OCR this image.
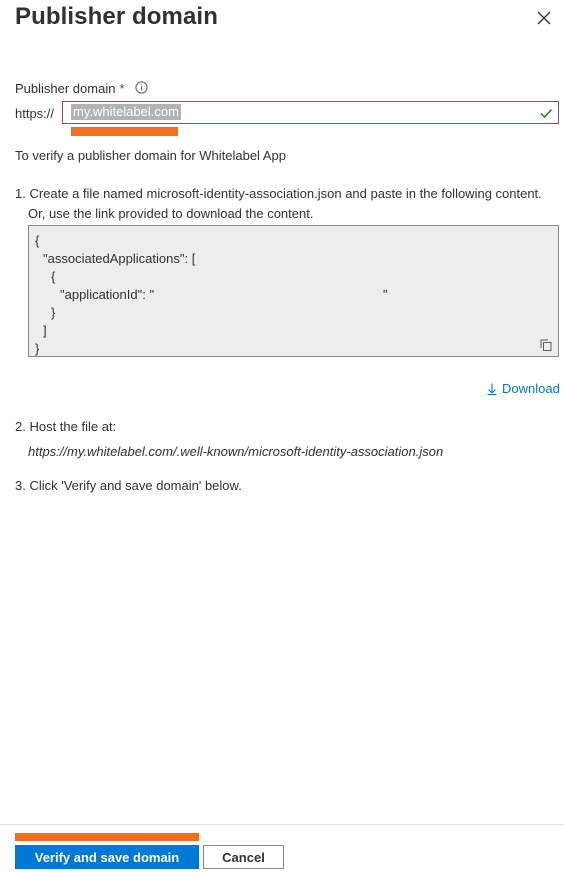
Publisher domain
Publisher domain *
https:// my.whitelabel.com
To verify a publisher domain for Whitelabel App
1. Create a file named microsoft-identity-association.json and paste in the following content.
Or, use the link provided to download the content.
{
"associatedApplications": [
{
"applicationId": "	"
}
]
}
Download
2. Host the file at:
https://my.whitelabel.com/.well-known/microsoft-identity-association.json
3. Click 'Verify and save domain' below.
Verify and save domain	Cancel
